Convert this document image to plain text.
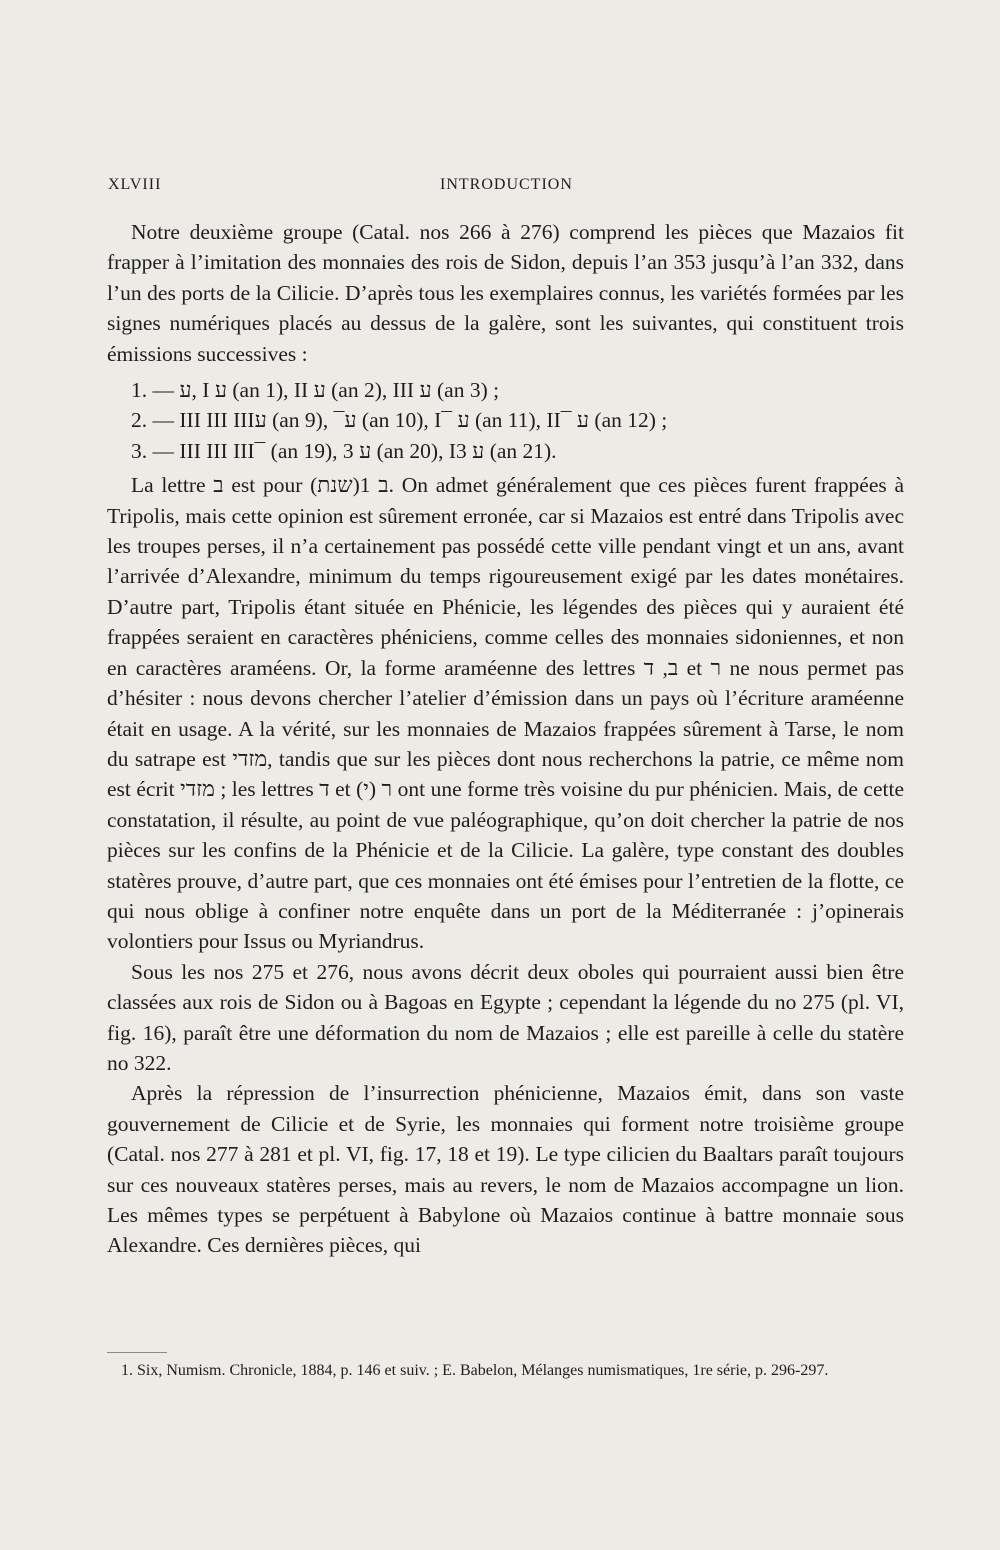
XLVIII	INTRODUCTION

Notre deuxième groupe (Catal. nos 266 à 276) comprend les pièces que Mazaios fit frapper à l’imitation des monnaies des rois de Sidon, depuis l’an 353 jusqu’à l’an 332, dans l’un des ports de la Cilicie. D’après tous les exemplaires connus, les variétés formées par les signes numériques placés au dessus de la galère, sont les suivantes, qui constituent trois émissions successives :

1. — ע, I ע (an 1), II ע (an 2), III ע (an 3) ;
2. — III III IIIע (an 9), ¯ע (an 10), I¯ ע (an 11), II¯ ע (an 12) ;
3. — III III III¯ (an 19), 3 ע (an 20), I3 ע (an 21).

La lettre ב est pour (שנת)ב 1. On admet généralement que ces pièces furent frappées à Tripolis, mais cette opinion est sûrement erronée, car si Mazaios est entré dans Tripolis avec les troupes perses, il n’a certainement pas possédé cette ville pendant vingt et un ans, avant l’arrivée d’Alexandre, minimum du temps rigoureusement exigé par les dates monétaires. D’autre part, Tripolis étant située en Phénicie, les légendes des pièces qui y auraient été frappées seraient en caractères phéniciens, comme celles des monnaies sidoniennes, et non en caractères araméens. Or, la forme araméenne des lettres ב, ד et ר ne nous permet pas d’hésiter : nous devons chercher l’atelier d’émission dans un pays où l’écriture araméenne était en usage. A la vérité, sur les monnaies de Mazaios frappées sûrement à Tarse, le nom du satrape est מזדי, tandis que sur les pièces dont nous recherchons la patrie, ce même nom est écrit מזדי ; les lettres ד et ר (י) ont une forme très voisine du pur phénicien. Mais, de cette constatation, il résulte, au point de vue paléographique, qu’on doit chercher la patrie de nos pièces sur les confins de la Phénicie et de la Cilicie. La galère, type constant des doubles statères prouve, d’autre part, que ces monnaies ont été émises pour l’entretien de la flotte, ce qui nous oblige à confiner notre enquête dans un port de la Méditerranée : j’opinerais volontiers pour Issus ou Myriandrus.

Sous les nos 275 et 276, nous avons décrit deux oboles qui pourraient aussi bien être classées aux rois de Sidon ou à Bagoas en Egypte ; cependant la légende du no 275 (pl. VI, fig. 16), paraît être une déformation du nom de Mazaios ; elle est pareille à celle du statère no 322.

Après la répression de l’insurrection phénicienne, Mazaios émit, dans son vaste gouvernement de Cilicie et de Syrie, les monnaies qui forment notre troisième groupe (Catal. nos 277 à 281 et pl. VI, fig. 17, 18 et 19). Le type cilicien du Baaltars paraît toujours sur ces nouveaux statères perses, mais au revers, le nom de Mazaios accompagne un lion. Les mêmes types se perpétuent à Babylone où Mazaios continue à battre monnaie sous Alexandre. Ces dernières pièces, qui

1. Six, Numism. Chronicle, 1884, p. 146 et suiv. ; E. Babelon, Mélanges numismatiques, 1re série, p. 296-297.
